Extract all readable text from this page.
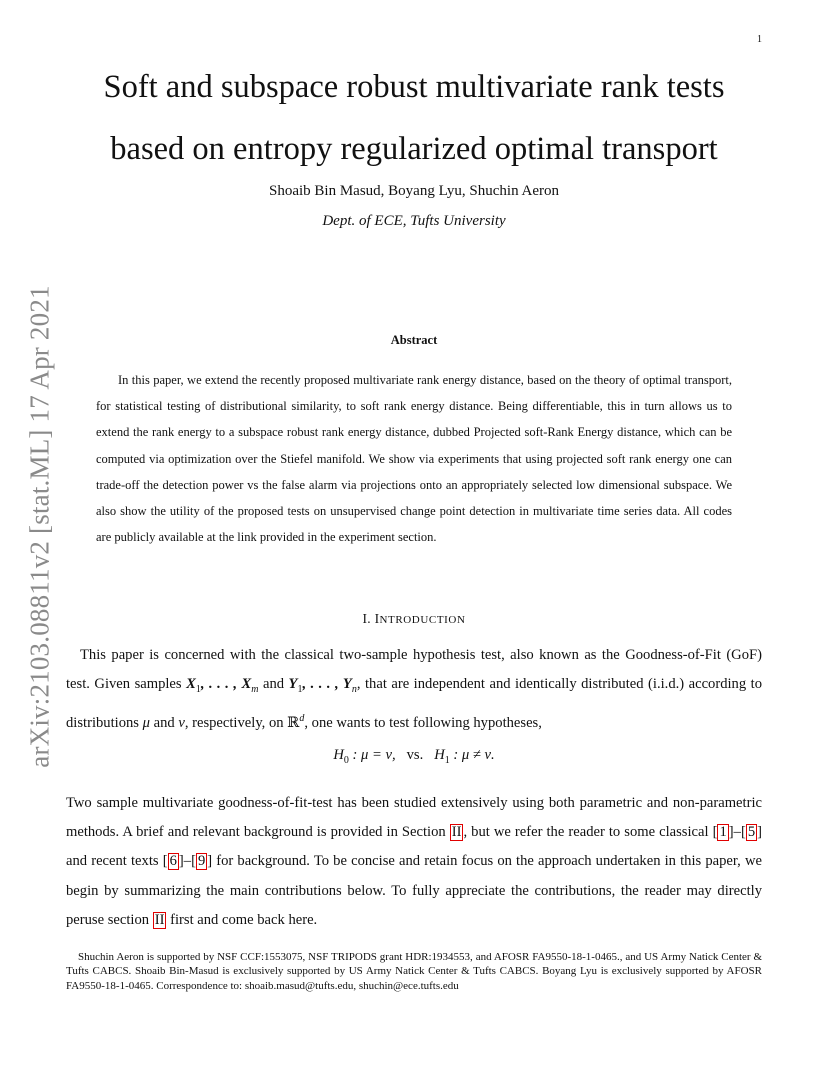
1
arXiv:2103.08811v2 [stat.ML] 17 Apr 2021
Soft and subspace robust multivariate rank tests
based on entropy regularized optimal transport
Shoaib Bin Masud, Boyang Lyu, Shuchin Aeron
Dept. of ECE, Tufts University
Abstract

In this paper, we extend the recently proposed multivariate rank energy distance, based on the theory of optimal transport, for statistical testing of distributional similarity, to soft rank energy distance. Being differentiable, this in turn allows us to extend the rank energy to a subspace robust rank energy distance, dubbed Projected soft-Rank Energy distance, which can be computed via optimization over the Stiefel manifold. We show via experiments that using projected soft rank energy one can trade-off the detection power vs the false alarm via projections onto an appropriately selected low dimensional subspace. We also show the utility of the proposed tests on unsupervised change point detection in multivariate time series data. All codes are publicly available at the link provided in the experiment section.

I. INTRODUCTION

This paper is concerned with the classical two-sample hypothesis test, also known as the Goodness-of-Fit (GoF) test. Given samples $X_1$, . . . , $X_m$ and $Y_1$, . . . , $Y_n$, that are independent and identically distributed (i.i.d.) according to distributions μ and ν, respectively, on ℝ$^d$, one wants to test following hypotheses,

$H_0$ : μ = ν, vs. $H_1$ : μ ≠ ν.

Two sample multivariate goodness-of-fit-test has been studied extensively using both parametric and non-parametric methods. A brief and relevant background is provided in Section II , but we refer the reader to some classical [ 1 ]–[ 5 ] and recent texts [ 6 ]–[ 9 ] for background. To be concise and retain focus on the approach undertaken in this paper, we begin by summarizing the main contributions below. To fully appreciate the contributions, the reader may directly peruse section II first and come back here.

Shuchin Aeron is supported by NSF CCF:1553075, NSF TRIPODS grant HDR:1934553, and AFOSR FA9550-18-1-0465., and US Army Natick Center & Tufts CABCS. Shoaib Bin-Masud is exclusively supported by US Army Natick Center & Tufts CABCS. Boyang Lyu is exclusively supported by AFOSR FA9550-18-1-0465. Correspondence to: shoaib.masud@tufts.edu, shuchin@ece.tufts.edu
